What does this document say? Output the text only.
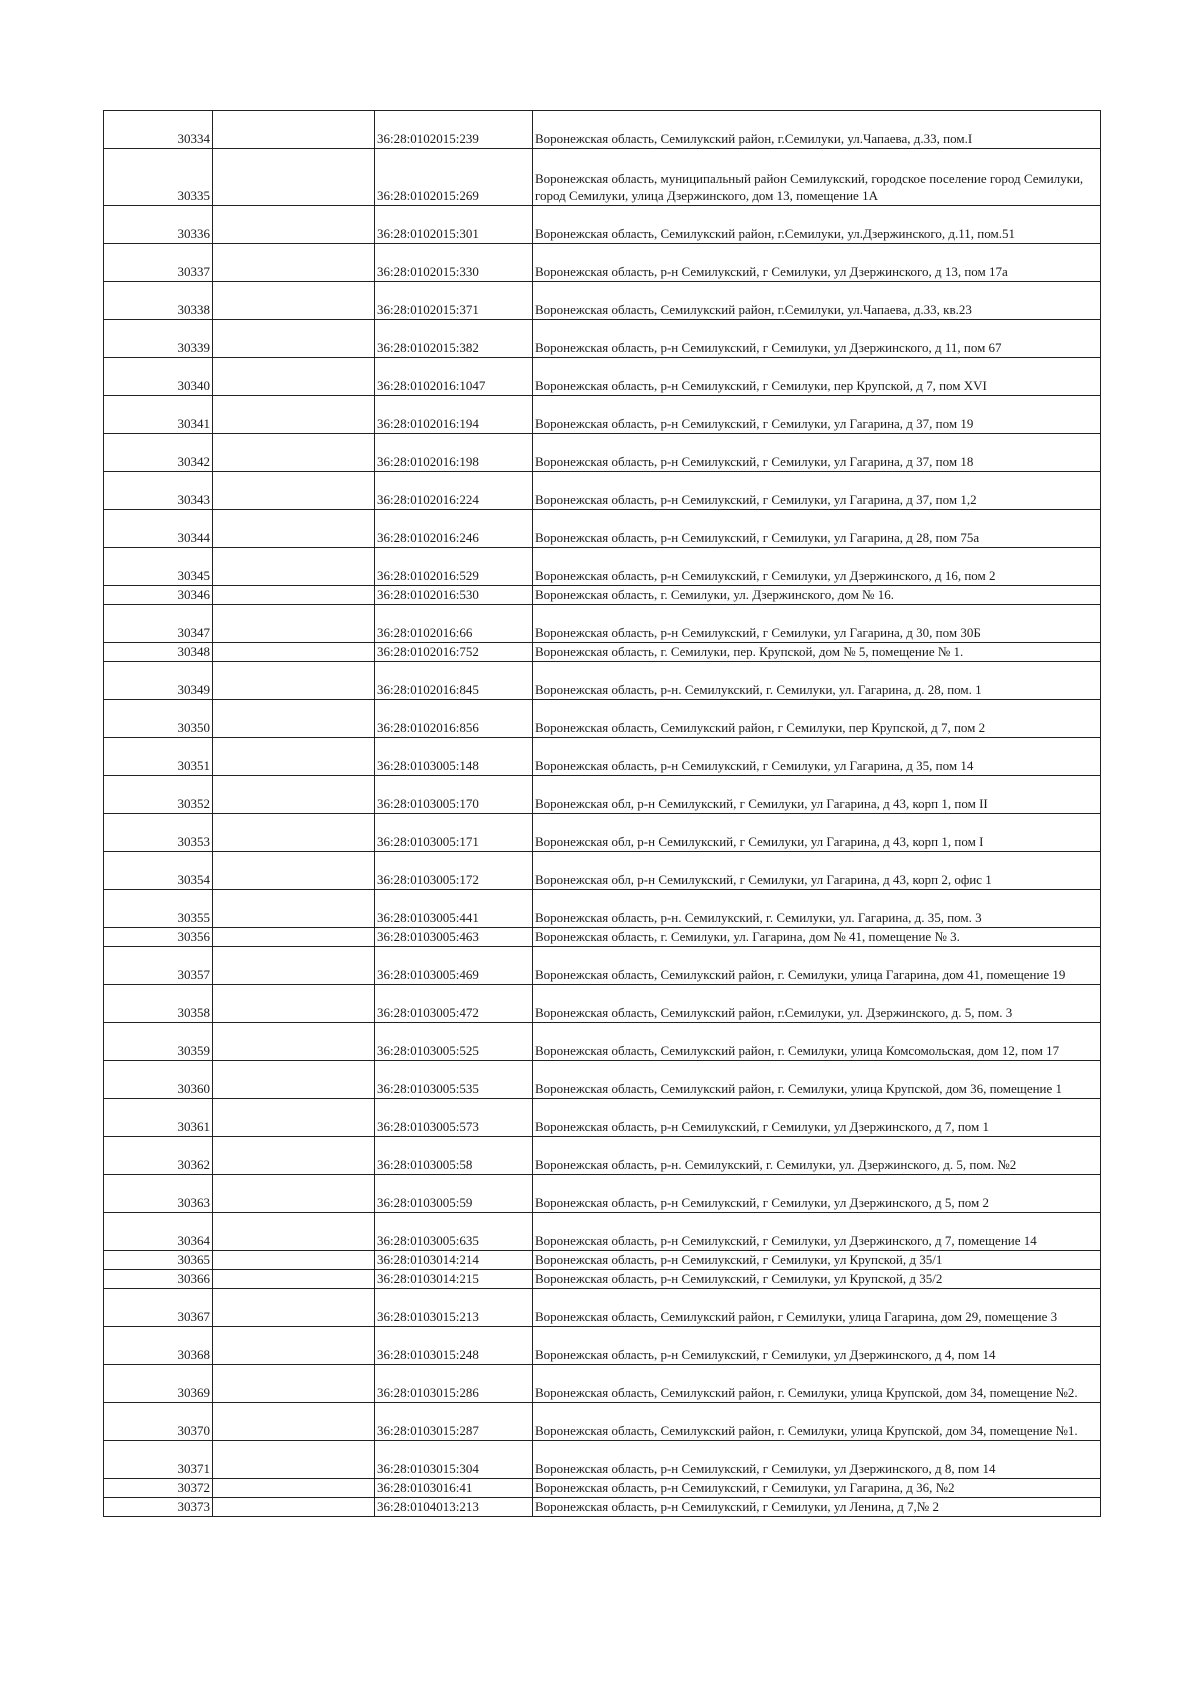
30334		36:28:0102015:239	Воронежская область, Семилукский район, г.Семилуки, ул.Чапаева, д.33, пом.I
30335		36:28:0102015:269	Воронежская область, муниципальный район Семилукский, городское поселение город Семилуки, город Семилуки, улица Дзержинского, дом 13, помещение 1А
30336		36:28:0102015:301	Воронежская область, Семилукский район, г.Семилуки, ул.Дзержинского, д.11, пом.51
30337		36:28:0102015:330	Воронежская область, р-н Семилукский, г Семилуки, ул Дзержинского, д 13, пом 17а
30338		36:28:0102015:371	Воронежская область, Семилукский район, г.Семилуки, ул.Чапаева, д.33, кв.23
30339		36:28:0102015:382	Воронежская область, р-н Семилукский, г Семилуки, ул Дзержинского, д 11, пом 67
30340		36:28:0102016:1047	Воронежская область, р-н Семилукский, г Семилуки, пер Крупской, д 7, пом XVI
30341		36:28:0102016:194	Воронежская область, р-н Семилукский, г Семилуки, ул Гагарина, д 37, пом 19
30342		36:28:0102016:198	Воронежская область, р-н Семилукский, г Семилуки, ул Гагарина, д 37, пом 18
30343		36:28:0102016:224	Воронежская область, р-н Семилукский, г Семилуки, ул Гагарина, д 37, пом 1,2
30344		36:28:0102016:246	Воронежская область, р-н Семилукский, г Семилуки, ул Гагарина, д 28, пом 75а
30345		36:28:0102016:529	Воронежская область, р-н Семилукский, г Семилуки, ул Дзержинского, д 16, пом 2
30346		36:28:0102016:530	Воронежская область, г. Семилуки, ул. Дзержинского, дом № 16.
30347		36:28:0102016:66	Воронежская область, р-н Семилукский, г Семилуки, ул Гагарина, д 30, пом 30Б
30348		36:28:0102016:752	Воронежская область, г. Семилуки, пер. Крупской, дом № 5, помещение № 1.
30349		36:28:0102016:845	Воронежская область, р-н. Семилукский, г. Семилуки, ул. Гагарина, д. 28, пом. 1
30350		36:28:0102016:856	Воронежская область, Семилукский район, г Семилуки, пер Крупской, д 7, пом 2
30351		36:28:0103005:148	Воронежская область, р-н Семилукский, г Семилуки, ул Гагарина, д 35, пом 14
30352		36:28:0103005:170	Воронежская обл, р-н Семилукский, г Семилуки, ул Гагарина, д 43, корп 1, пом II
30353		36:28:0103005:171	Воронежская обл, р-н Семилукский, г Семилуки, ул Гагарина, д 43, корп 1, пом I
30354		36:28:0103005:172	Воронежская обл, р-н Семилукский, г Семилуки, ул Гагарина, д 43, корп 2, офис 1
30355		36:28:0103005:441	Воронежская область, р-н. Семилукский, г. Семилуки, ул. Гагарина, д. 35, пом. 3
30356		36:28:0103005:463	Воронежская область, г. Семилуки, ул. Гагарина, дом № 41, помещение № 3.
30357		36:28:0103005:469	Воронежская область, Семилукский район, г. Семилуки, улица Гагарина, дом 41, помещение 19
30358		36:28:0103005:472	Воронежская область, Семилукский район, г.Семилуки, ул. Дзержинского, д. 5, пом. 3
30359		36:28:0103005:525	Воронежская область, Семилукский район, г. Семилуки, улица Комсомольская, дом 12, пом 17
30360		36:28:0103005:535	Воронежская область, Семилукский район, г. Семилуки, улица Крупской, дом 36, помещение 1
30361		36:28:0103005:573	Воронежская область, р-н Семилукский, г Семилуки, ул Дзержинского, д 7, пом 1
30362		36:28:0103005:58	Воронежская область, р-н. Семилукский, г. Семилуки, ул. Дзержинского, д. 5, пом. №2
30363		36:28:0103005:59	Воронежская область, р-н Семилукский, г Семилуки, ул Дзержинского, д 5, пом 2
30364		36:28:0103005:635	Воронежская область, р-н Семилукский, г Семилуки, ул Дзержинского, д 7, помещение 14
30365		36:28:0103014:214	Воронежская область, р-н Семилукский, г Семилуки, ул Крупской, д 35/1
30366		36:28:0103014:215	Воронежская область, р-н Семилукский, г Семилуки, ул Крупской, д 35/2
30367		36:28:0103015:213	Воронежская область, Семилукский район, г Семилуки, улица Гагарина, дом 29, помещение 3
30368		36:28:0103015:248	Воронежская область, р-н Семилукский, г Семилуки, ул Дзержинского, д 4, пом 14
30369		36:28:0103015:286	Воронежская область, Семилукский район, г. Семилуки, улица Крупской, дом 34, помещение №2.
30370		36:28:0103015:287	Воронежская область, Семилукский район, г. Семилуки, улица Крупской, дом 34, помещение №1.
30371		36:28:0103015:304	Воронежская область, р-н Семилукский, г Семилуки, ул Дзержинского, д 8, пом 14
30372		36:28:0103016:41	Воронежская область, р-н Семилукский, г Семилуки, ул Гагарина, д 36, №2
30373		36:28:0104013:213	Воронежская область, р-н Семилукский, г Семилуки, ул Ленина, д 7,№ 2
